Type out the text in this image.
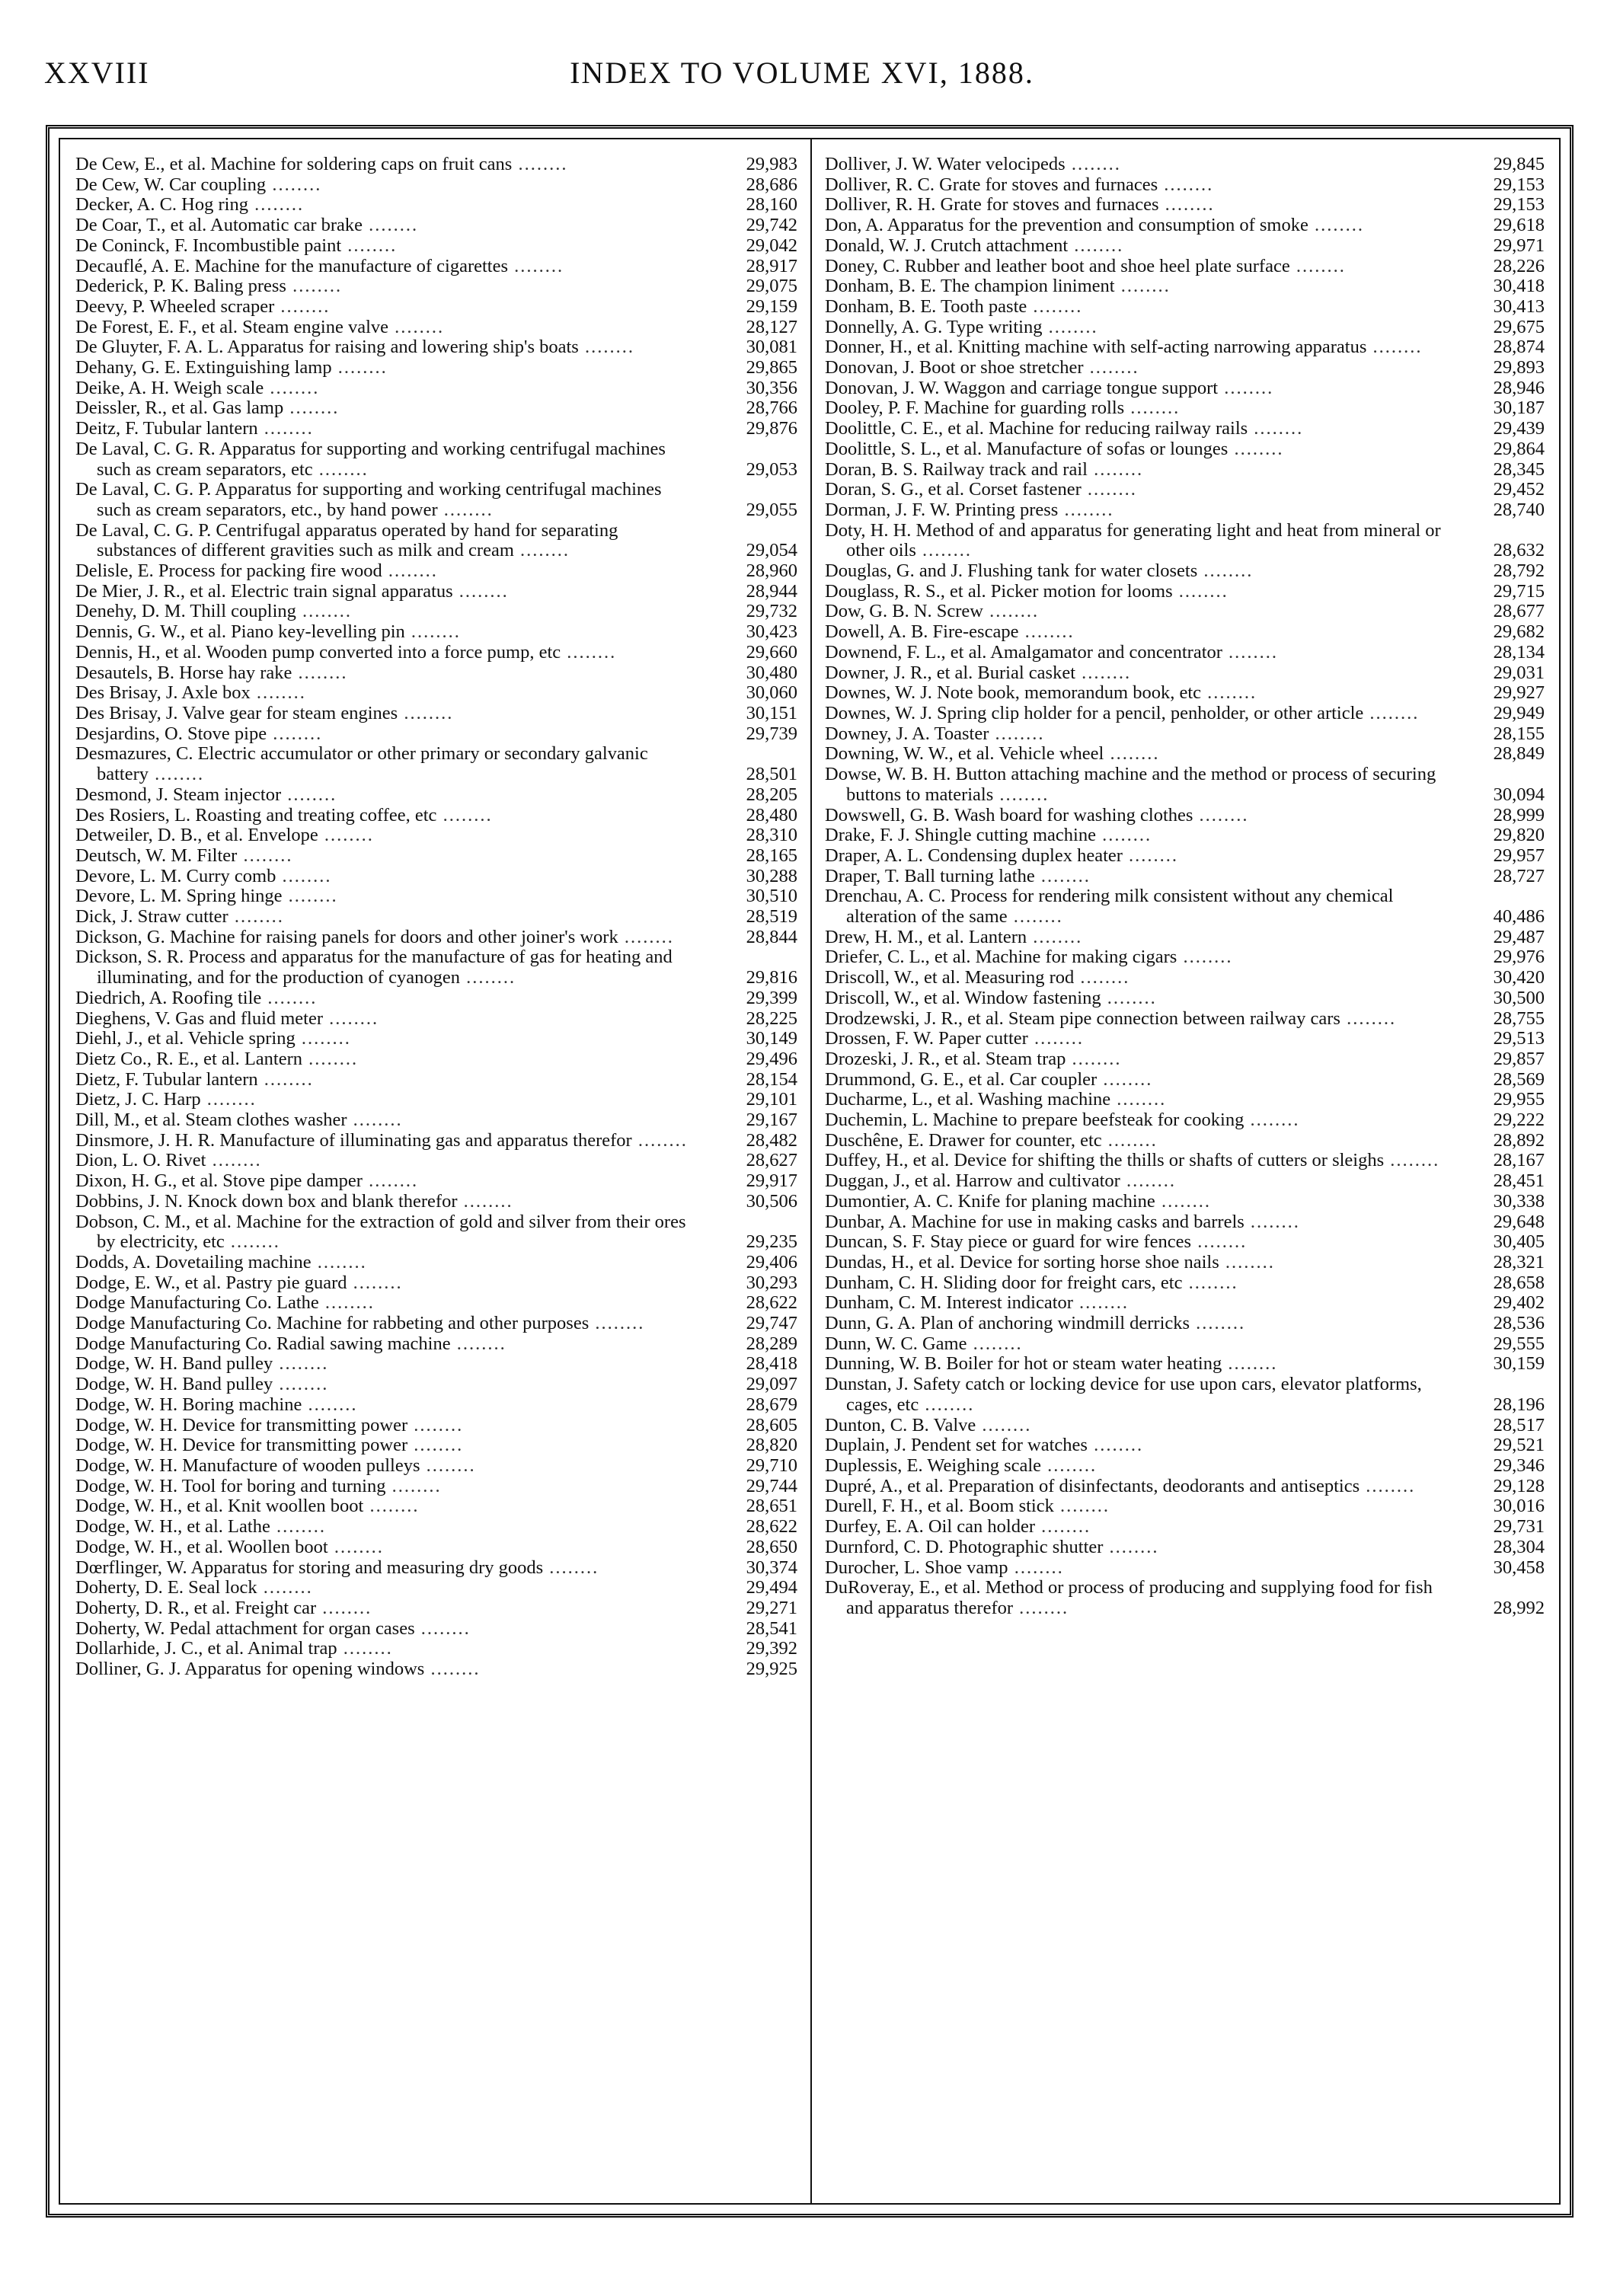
XXVIII	INDEX TO VOLUME XVI, 1888.
De Cew, E., et al. Machine for soldering caps on fruit cans ........	29,983
De Cew, W. Car coupling ........	28,686
Decker, A. C. Hog ring ........	28,160
De Coar, T., et al. Automatic car brake ........	29,742
De Coninck, F. Incombustible paint ........	29,042
Decauflé, A. E. Machine for the manufacture of cigarettes ........	28,917
Dederick, P. K. Baling press ........	29,075
Deevy, P. Wheeled scraper ........	29,159
De Forest, E. F., et al. Steam engine valve ........	28,127
De Gluyter, F. A. L. Apparatus for raising and lowering ship's boats ........	30,081
Dehany, G. E. Extinguishing lamp ........	29,865
Deike, A. H. Weigh scale ........	30,356
Deissler, R., et al. Gas lamp ........	28,766
Deitz, F. Tubular lantern ........	29,876
De Laval, C. G. R. Apparatus for supporting and working centrifugal machines such as cream separators, etc ........	29,053
De Laval, C. G. P. Apparatus for supporting and working centrifugal machines such as cream separators, etc., by hand power ........	29,055
De Laval, C. G. P. Centrifugal apparatus operated by hand for separating substances of different gravities such as milk and cream ........	29,054
Delisle, E. Process for packing fire wood ........	28,960
De Mier, J. R., et al. Electric train signal apparatus ........	28,944
Denehy, D. M. Thill coupling ........	29,732
Dennis, G. W., et al. Piano key-levelling pin ........	30,423
Dennis, H., et al. Wooden pump converted into a force pump, etc ........	29,660
Desautels, B. Horse hay rake ........	30,480
Des Brisay, J. Axle box ........	30,060
Des Brisay, J. Valve gear for steam engines ........	30,151
Desjardins, O. Stove pipe ........	29,739
Desmazures, C. Electric accumulator or other primary or secondary galvanic battery ........	28,501
Desmond, J. Steam injector ........	28,205
Des Rosiers, L. Roasting and treating coffee, etc ........	28,480
Detweiler, D. B., et al. Envelope ........	28,310
Deutsch, W. M. Filter ........	28,165
Devore, L. M. Curry comb ........	30,288
Devore, L. M. Spring hinge ........	30,510
Dick, J. Straw cutter ........	28,519
Dickson, G. Machine for raising panels for doors and other joiner's work ........	28,844
Dickson, S. R. Process and apparatus for the manufacture of gas for heating and illuminating, and for the production of cyanogen ........	29,816
Diedrich, A. Roofing tile ........	29,399
Dieghens, V. Gas and fluid meter ........	28,225
Diehl, J., et al. Vehicle spring ........	30,149
Dietz Co., R. E., et al. Lantern ........	29,496
Dietz, F. Tubular lantern ........	28,154
Dietz, J. C. Harp ........	29,101
Dill, M., et al. Steam clothes washer ........	29,167
Dinsmore, J. H. R. Manufacture of illuminating gas and apparatus therefor ........	28,482
Dion, L. O. Rivet ........	28,627
Dixon, H. G., et al. Stove pipe damper ........	29,917
Dobbins, J. N. Knock down box and blank therefor ........	30,506
Dobson, C. M., et al. Machine for the extraction of gold and silver from their ores by electricity, etc ........	29,235
Dodds, A. Dovetailing machine ........	29,406
Dodge, E. W., et al. Pastry pie guard ........	30,293
Dodge Manufacturing Co. Lathe ........	28,622
Dodge Manufacturing Co. Machine for rabbeting and other purposes ........	29,747
Dodge Manufacturing Co. Radial sawing machine ........	28,289
Dodge, W. H. Band pulley ........	28,418
Dodge, W. H. Band pulley ........	29,097
Dodge, W. H. Boring machine ........	28,679
Dodge, W. H. Device for transmitting power ........	28,605
Dodge, W. H. Device for transmitting power ........	28,820
Dodge, W. H. Manufacture of wooden pulleys ........	29,710
Dodge, W. H. Tool for boring and turning ........	29,744
Dodge, W. H., et al. Knit woollen boot ........	28,651
Dodge, W. H., et al. Lathe ........	28,622
Dodge, W. H., et al. Woollen boot ........	28,650
Dœrflinger, W. Apparatus for storing and measuring dry goods ........	30,374
Doherty, D. E. Seal lock ........	29,494
Doherty, D. R., et al. Freight car ........	29,271
Doherty, W. Pedal attachment for organ cases ........	28,541
Dollarhide, J. C., et al. Animal trap ........	29,392
Dolliner, G. J. Apparatus for opening windows ........	29,925
Dolliver, J. W. Water velocipeds ........	29,845
Dolliver, R. C. Grate for stoves and furnaces ........	29,153
Dolliver, R. H. Grate for stoves and furnaces ........	29,153
Don, A. Apparatus for the prevention and consumption of smoke ........	29,618
Donald, W. J. Crutch attachment ........	29,971
Doney, C. Rubber and leather boot and shoe heel plate surface ........	28,226
Donham, B. E. The champion liniment ........	30,418
Donham, B. E. Tooth paste ........	30,413
Donnelly, A. G. Type writing ........	29,675
Donner, H., et al. Knitting machine with self-acting narrowing apparatus ........	28,874
Donovan, J. Boot or shoe stretcher ........	29,893
Donovan, J. W. Waggon and carriage tongue support ........	28,946
Dooley, P. F. Machine for guarding rolls ........	30,187
Doolittle, C. E., et al. Machine for reducing railway rails ........	29,439
Doolittle, S. L., et al. Manufacture of sofas or lounges ........	29,864
Doran, B. S. Railway track and rail ........	28,345
Doran, S. G., et al. Corset fastener ........	29,452
Dorman, J. F. W. Printing press ........	28,740
Doty, H. H. Method of and apparatus for generating light and heat from mineral or other oils ........	28,632
Douglas, G. and J. Flushing tank for water closets ........	28,792
Douglass, R. S., et al. Picker motion for looms ........	29,715
Dow, G. B. N. Screw ........	28,677
Dowell, A. B. Fire-escape ........	29,682
Downend, F. L., et al. Amalgamator and concentrator ........	28,134
Downer, J. R., et al. Burial casket ........	29,031
Downes, W. J. Note book, memorandum book, etc ........	29,927
Downes, W. J. Spring clip holder for a pencil, penholder, or other article ........	29,949
Downey, J. A. Toaster ........	28,155
Downing, W. W., et al. Vehicle wheel ........	28,849
Dowse, W. B. H. Button attaching machine and the method or process of securing buttons to materials ........	30,094
Dowswell, G. B. Wash board for washing clothes ........	28,999
Drake, F. J. Shingle cutting machine ........	29,820
Draper, A. L. Condensing duplex heater ........	29,957
Draper, T. Ball turning lathe ........	28,727
Drenchau, A. C. Process for rendering milk consistent without any chemical alteration of the same ........	40,486
Drew, H. M., et al. Lantern ........	29,487
Driefer, C. L., et al. Machine for making cigars ........	29,976
Driscoll, W., et al. Measuring rod ........	30,420
Driscoll, W., et al. Window fastening ........	30,500
Drodzewski, J. R., et al. Steam pipe connection between railway cars ........	28,755
Drossen, F. W. Paper cutter ........	29,513
Drozeski, J. R., et al. Steam trap ........	29,857
Drummond, G. E., et al. Car coupler ........	28,569
Ducharme, L., et al. Washing machine ........	29,955
Duchemin, L. Machine to prepare beefsteak for cooking ........	29,222
Duschêne, E. Drawer for counter, etc ........	28,892
Duffey, H., et al. Device for shifting the thills or shafts of cutters or sleighs ........	28,167
Duggan, J., et al. Harrow and cultivator ........	28,451
Dumontier, A. C. Knife for planing machine ........	30,338
Dunbar, A. Machine for use in making casks and barrels ........	29,648
Duncan, S. F. Stay piece or guard for wire fences ........	30,405
Dundas, H., et al. Device for sorting horse shoe nails ........	28,321
Dunham, C. H. Sliding door for freight cars, etc ........	28,658
Dunham, C. M. Interest indicator ........	29,402
Dunn, G. A. Plan of anchoring windmill derricks ........	28,536
Dunn, W. C. Game ........	29,555
Dunning, W. B. Boiler for hot or steam water heating ........	30,159
Dunstan, J. Safety catch or locking device for use upon cars, elevator platforms, cages, etc ........	28,196
Dunton, C. B. Valve ........	28,517
Duplain, J. Pendent set for watches ........	29,521
Duplessis, E. Weighing scale ........	29,346
Dupré, A., et al. Preparation of disinfectants, deodorants and antiseptics ........	29,128
Durell, F. H., et al. Boom stick ........	30,016
Durfey, E. A. Oil can holder ........	29,731
Durnford, C. D. Photographic shutter ........	28,304
Durocher, L. Shoe vamp ........	30,458
DuRoveray, E., et al. Method or process of producing and supplying food for fish and apparatus therefor ........	28,992
